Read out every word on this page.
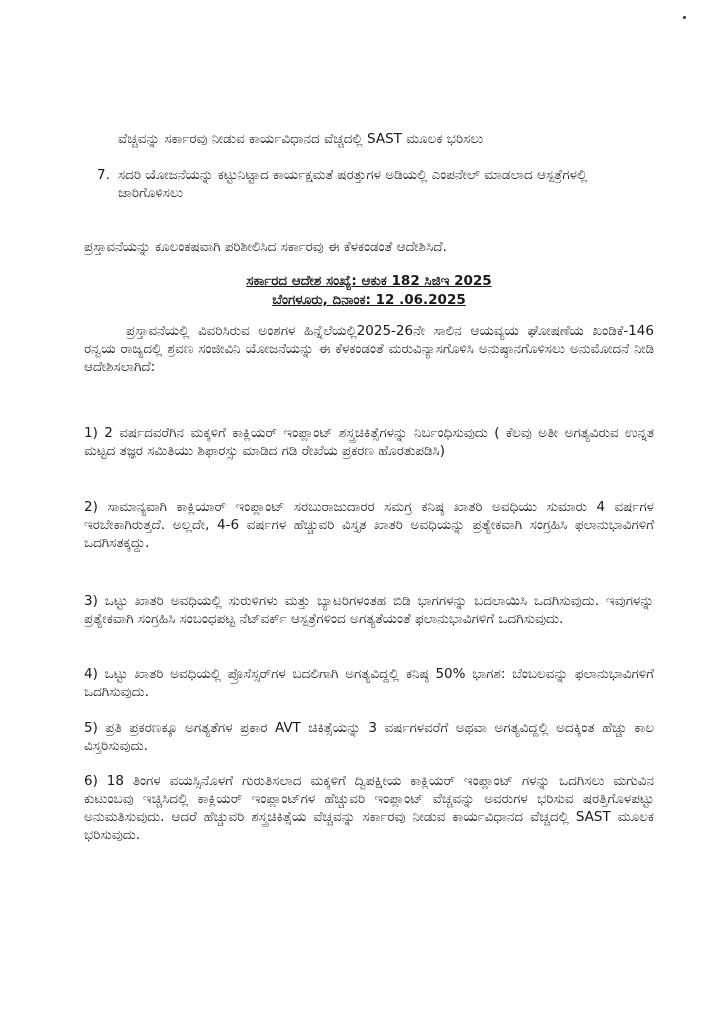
ವೆಚ್ಚವನ್ನು ಸರ್ಕಾರವು ನೀಡುವ ಕಾರ್ಯವಿಧಾನದ ವೆಚ್ಚದಲ್ಲಿ SAST ಮೂಲಕ ಭರಿಸಲು
7. ಸದರಿ ಯೋಜನೆಯನ್ನು ಕಟ್ಟುನಿಟ್ಟಾದ ಕಾರ್ಯಕ್ಷಮತೆ ಷರತ್ತುಗಳ ಅಡಿಯಲ್ಲಿ ಎಂಪನೇಲ್ ಮಾಡಲಾದ ಆಸ್ಪತ್ರೆಗಳಲ್ಲಿ ಜಾರಿಗೊಳಿಸಲು
ಪ್ರಸ್ತಾವನೆಯನ್ನು ಕೂಲಂಕಷವಾಗಿ ಪರಿಶೀಲಿಸಿದ ಸರ್ಕಾರವು ಈ ಕೆಳಕಂಡಂತೆ ಆದೇಶಿಸಿದೆ.
ಸರ್ಕಾರದ ಆದೇಶ ಸಂಖ್ಯೆ: ಆಕುಕ 182 ಸಿಜಿಇ 2025
ಬೆಂಗಳೂರು, ದಿನಾಂಕ: 12 .06.2025
ಪ್ರಸ್ತಾವನೆಯಲ್ಲಿ ವಿವರಿಸಿರುವ ಅಂಶಗಳ ಹಿನ್ನೆಲೆಯಲ್ಲಿ2025-26ನೇ ಸಾಲಿನ ಆಯವ್ಯಯ ಘೋಷಣೆಯ ಖಂಡಿಕೆ-146 ರನ್ವಯ ರಾಜ್ಯದಲ್ಲಿ ಶ್ರವಣ ಸಂಜೀವಿನಿ ಯೋಜನೆಯನ್ನು ಈ ಕೆಳಕಂಡಂತೆ ಮರುವಿನ್ಯಾಸಗೊಳಿಸಿ ಅನುಷ್ಠಾನಗೊಳಿಸಲು ಅನುಮೋದನೆ ನೀಡಿ ಆದೇಶಿಸಲಾಗಿದೆ:
1) 2 ವರ್ಷದವರೆಗಿನ ಮಕ್ಕಳಿಗೆ ಕಾಕ್ಲಿಯರ್ ಇಂಪ್ಲಾಂಟ್ ಶಸ್ತ್ರಚಿಕಿತ್ಸೆಗಳನ್ನು ನಿರ್ಬಂಧಿಸುವುದು ( ಕೆಲವು ಅತೀ ಅಗತ್ಯವಿರುವ ಉನ್ನತ ಮಟ್ಟದ ತಜ್ಞರ ಸಮಿತಿಯು ಶಿಫಾರಸ್ಸು ಮಾಡಿದ ಗಡಿ ರೇಖೆಯ ಪ್ರಕರಣ ಹೊರತುಪಡಿಸಿ)
2) ಸಾಮಾನ್ಯವಾಗಿ ಕಾಕ್ಲಿಯಾರ್ ಇಂಪ್ಲಾಂಟ್ ಸರಬುರಾಜುದಾರರ ಸಮಗ್ರ ಕನಿಷ್ಠ ಖಾತರಿ ಅವಧಿಯು ಸುಮಾರು 4 ವರ್ಷಗಳ ಇರಬೇಕಾಗಿರುತ್ತದೆ. ಅಲ್ಲದೇ, 4-6 ವರ್ಷಗಳ ಹೆಚ್ಚುವರಿ ವಿಸ್ತೃತ ಖಾತರಿ ಅವಧಿಯನ್ನು ಪ್ರತ್ಯೇಕವಾಗಿ ಸಂಗ್ರಹಿಸಿ ಫಲಾನುಭಾವಿಗಳಿಗೆ ಒದಗಿಸತಕ್ಕದ್ದು.
3) ಒಟ್ಟು ಖಾತರಿ ಅವಧಿಯಲ್ಲಿ ಸುರುಳಿಗಳು ಮತ್ತು ಬ್ಯಾಟರಿಗಳಂತಹ ಬಿಡಿ ಭಾಗಗಳನ್ನು ಬದಲಾಯಿಸಿ ಒದಗಿಸುವುದು. ಇವುಗಳನ್ನು ಪ್ರತ್ಯೇಕವಾಗಿ ಸಂಗ್ರಹಿಸಿ ಸಂಬಂಧಪಟ್ಟ ನೆಟ್‌ವರ್ಕ್ ಆಸ್ಪತ್ರೆಗಳಿಂದ ಅಗತ್ಯತೆಯಂತೆ ಫಲಾನುಭಾವಿಗಳಿಗೆ ಒದಗಿಸುವುದು.
4) ಒಟ್ಟು ಖಾತರಿ ಅವಧಿಯಲ್ಲಿ ಪ್ರೊಸೆಸ್ಸರ್‌ಗಳ ಬದಲಿಗಾಗಿ ಅಗತ್ಯವಿದ್ದಲ್ಲಿ ಕನಿಷ್ಠ 50% ಭಾಗಶ: ಬೆಂಬಲವನ್ನು ಫಲಾನುಭಾವಿಗಳಿಗೆ ಒದಗಿಸುವುದು.
5) ಪ್ರತಿ ಪ್ರಕರಣಕ್ಕೂ ಅಗತ್ಯತೆಗಳ ಪ್ರಕಾರ AVT ಚಿಕಿತ್ಸೆಯನ್ನು 3 ವರ್ಷಗಳವರೆಗೆ ಅಥವಾ ಅಗತ್ಯವಿದ್ದಲ್ಲಿ ಅದಕ್ಕಿಂತ ಹೆಚ್ಚು ಕಾಲ ವಿಸ್ತರಿಸುವುದು.
6) 18 ತಿಂಗಳ ವಯಸ್ಸಿನೊಳಗೆ ಗುರುತಿಸಲಾದ ಮಕ್ಕಳಿಗೆ ದ್ವಿಪಕ್ಷೀಯ ಕಾಕ್ಲಿಯರ್ ಇಂಪ್ಲಾಂಟ್ ಗಳನ್ನು ಒದಗಿಸಲು ಮಗುವಿನ ಕುಟುಂಬವು ಇಚ್ಚಿಸಿದಲ್ಲಿ ಕಾಕ್ಲಿಯರ್ ಇಂಪ್ಲಾಂಟ್‌ಗಳ ಹೆಚ್ಚುವರಿ ಇಂಪ್ಲಾಂಟ್ ವೆಚ್ಚವನ್ನು ಅವರುಗಳ ಭರಿಸುವ ಷರತ್ತಿಗೊಳಪಟ್ಟು ಅನುಮತಿಸುವುದು. ಆದರೆ ಹೆಚ್ಚುವರಿ ಶಸ್ತ್ರಚಿಕಿತ್ಸೆಯ ವೆಚ್ಚವನ್ನು ಸರ್ಕಾರವು ನೀಡುವ ಕಾರ್ಯವಿಧಾನದ ವೆಚ್ಚದಲ್ಲಿ SAST ಮೂಲಕ ಭರಿಸುವುದು.
